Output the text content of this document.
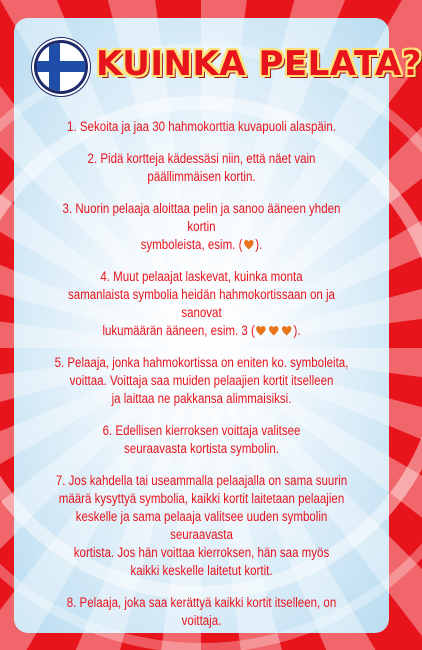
KUINKA PELATA?

1. Sekoita ja jaa 30 hahmokorttia kuvapuoli alaspäin.

2. Pidä kortteja kädessäsi niin, että näet vain

päällimmäisen kortin.

3. Nuorin pelaaja aloittaa pelin ja sanoo ääneen yhden kortin

symboleista, esim. ( ).

4. Muut pelaajat laskevat, kuinka monta

samanlaista symbolia heidän hahmokortissaan on ja sanovat

lukumäärän ääneen, esim. 3 (	).

5. Pelaaja, jonka hahmokortissa on eniten ko. symboleita,

voittaa. Voittaja saa muiden pelaajien kortit itselleen

ja laittaa ne pakkansa alimmaisiksi.

6. Edellisen kierroksen voittaja valitsee

seuraavasta kortista symbolin.

7. Jos kahdella tai useammalla pelaajalla on sama suurin

määrä kysyttyä symbolia, kaikki kortit laitetaan pelaajien

keskelle ja sama pelaaja valitsee uuden symbolin seuraavasta

kortista. Jos hän voittaa kierroksen, hän saa myös

kaikki keskelle laitetut kortit.

8. Pelaaja, joka saa kerättyä kaikki kortit itselleen, on voittaja.
